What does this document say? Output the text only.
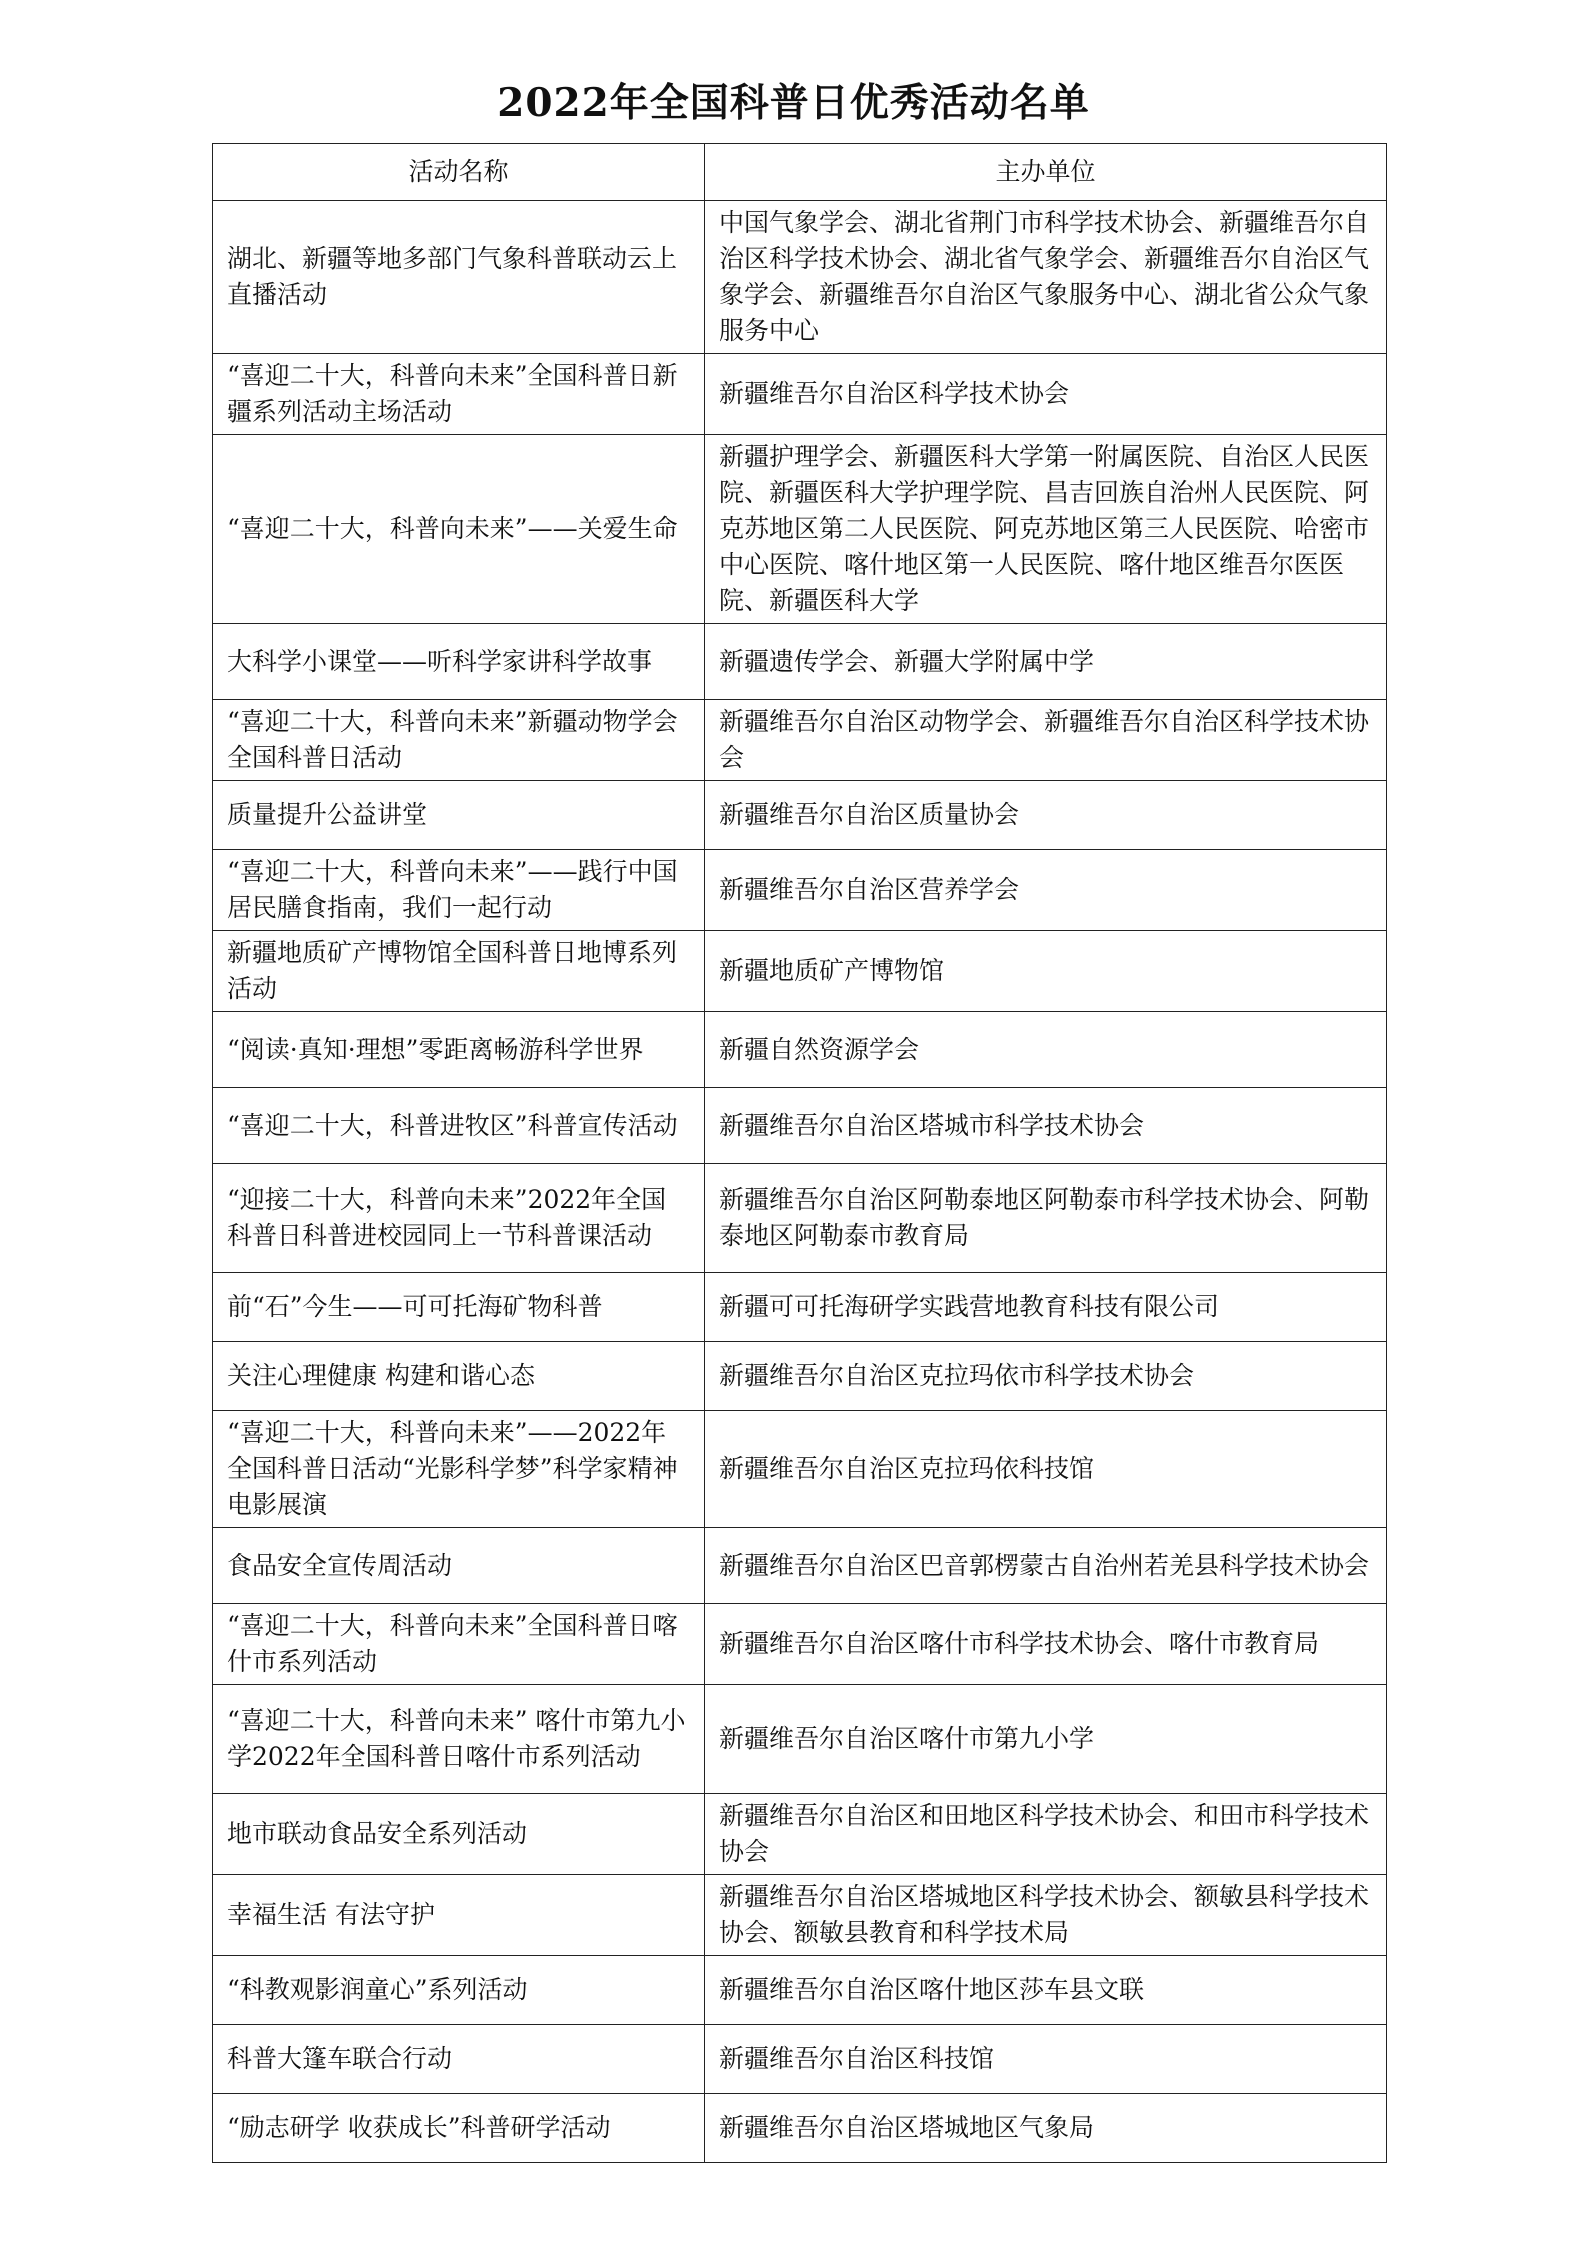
2022年全国科普日优秀活动名单
活动名称	主办单位
湖北、新疆等地多部门气象科普联动云上直播活动	中国气象学会、湖北省荆门市科学技术协会、新疆维吾尔自治区科学技术协会、湖北省气象学会、新疆维吾尔自治区气象学会、新疆维吾尔自治区气象服务中心、湖北省公众气象服务中心
“喜迎二十大，科普向未来”全国科普日新疆系列活动主场活动	新疆维吾尔自治区科学技术协会
“喜迎二十大，科普向未来”——关爱生命	新疆护理学会、新疆医科大学第一附属医院、自治区人民医院、新疆医科大学护理学院、昌吉回族自治州人民医院、阿克苏地区第二人民医院、阿克苏地区第三人民医院、哈密市中心医院、喀什地区第一人民医院、喀什地区维吾尔医医院、新疆医科大学
大科学小课堂——听科学家讲科学故事	新疆遗传学会、新疆大学附属中学
“喜迎二十大，科普向未来”新疆动物学会全国科普日活动	新疆维吾尔自治区动物学会、新疆维吾尔自治区科学技术协会
质量提升公益讲堂	新疆维吾尔自治区质量协会
“喜迎二十大，科普向未来”——践行中国居民膳食指南，我们一起行动	新疆维吾尔自治区营养学会
新疆地质矿产博物馆全国科普日地博系列活动	新疆地质矿产博物馆
“阅读·真知·理想”零距离畅游科学世界	新疆自然资源学会
“喜迎二十大，科普进牧区”科普宣传活动	新疆维吾尔自治区塔城市科学技术协会
“迎接二十大，科普向未来”2022年全国科普日科普进校园同上一节科普课活动	新疆维吾尔自治区阿勒泰地区阿勒泰市科学技术协会、阿勒泰地区阿勒泰市教育局
前“石”今生——可可托海矿物科普	新疆可可托海研学实践营地教育科技有限公司
关注心理健康 构建和谐心态	新疆维吾尔自治区克拉玛依市科学技术协会
“喜迎二十大，科普向未来”——2022年全国科普日活动“光影科学梦”科学家精神电影展演	新疆维吾尔自治区克拉玛依科技馆
食品安全宣传周活动	新疆维吾尔自治区巴音郭楞蒙古自治州若羌县科学技术协会
“喜迎二十大，科普向未来”全国科普日喀什市系列活动	新疆维吾尔自治区喀什市科学技术协会、喀什市教育局
“喜迎二十大，科普向未来” 喀什市第九小学2022年全国科普日喀什市系列活动	新疆维吾尔自治区喀什市第九小学
地市联动食品安全系列活动	新疆维吾尔自治区和田地区科学技术协会、和田市科学技术协会
幸福生活 有法守护	新疆维吾尔自治区塔城地区科学技术协会、额敏县科学技术协会、额敏县教育和科学技术局
“科教观影润童心”系列活动	新疆维吾尔自治区喀什地区莎车县文联
科普大篷车联合行动	新疆维吾尔自治区科技馆
“励志研学 收获成长”科普研学活动	新疆维吾尔自治区塔城地区气象局
